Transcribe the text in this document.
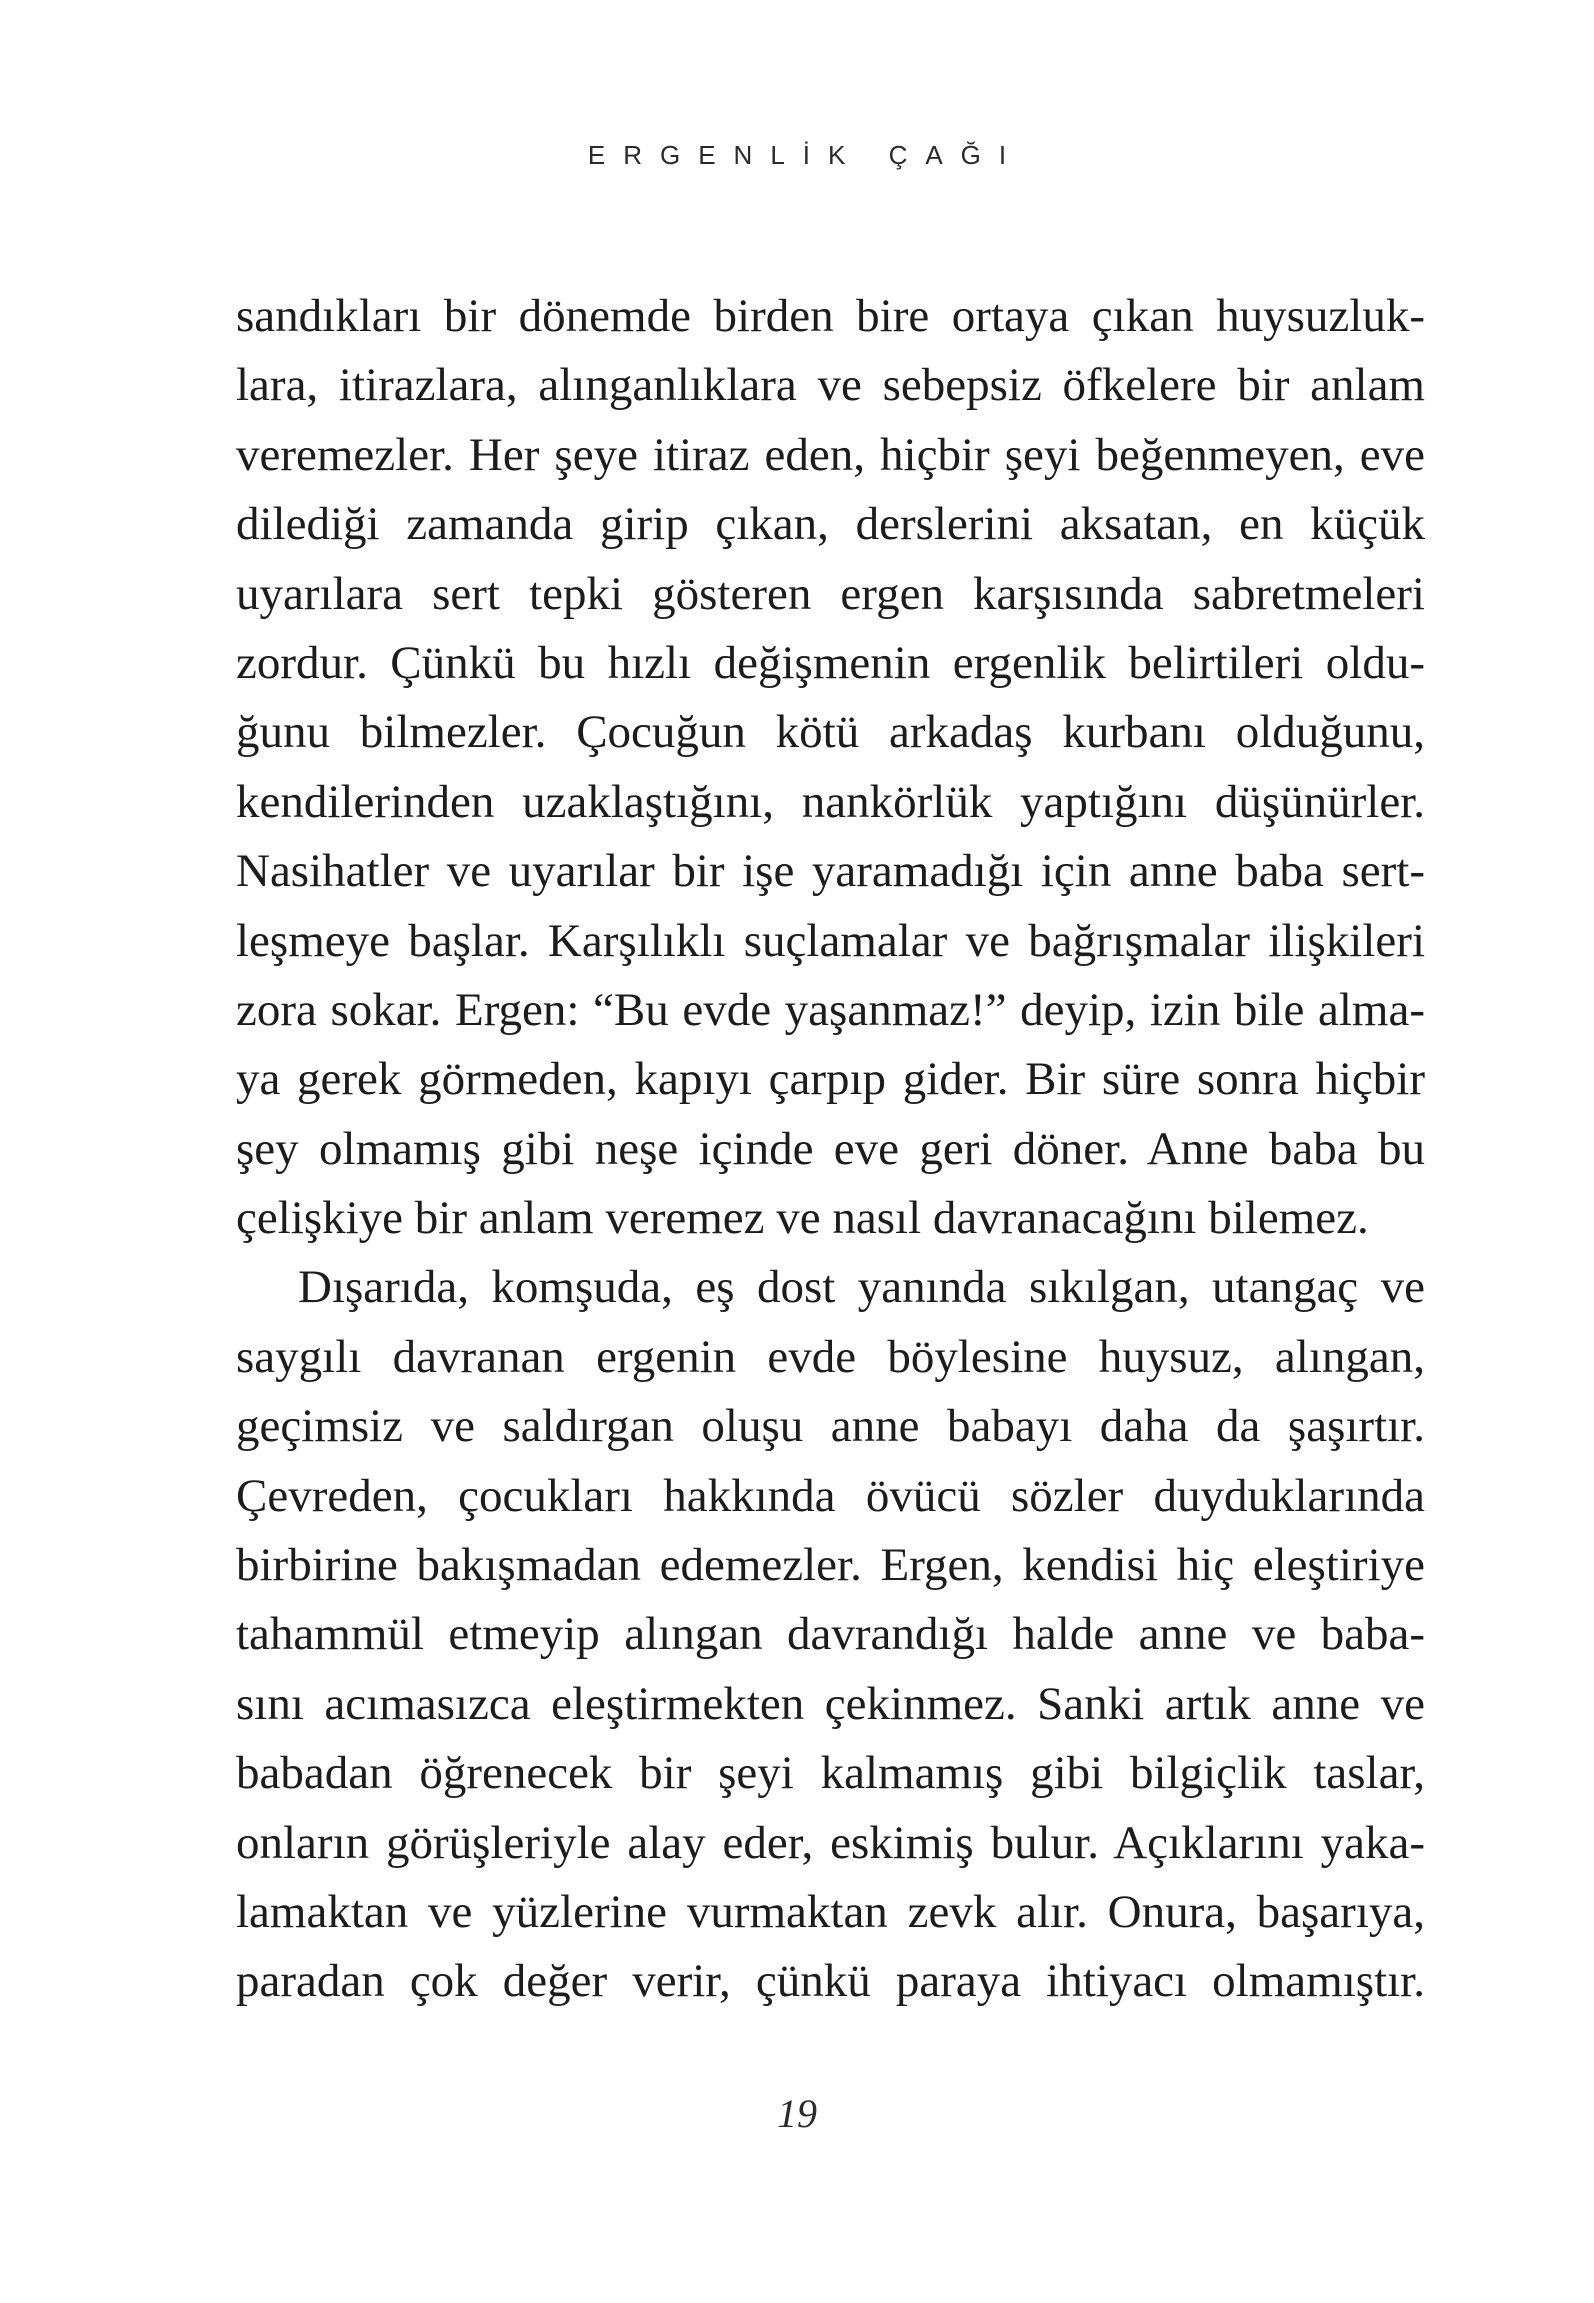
ERGENLİK ÇAĞI
sandıkları bir dönemde birden bire ortaya çıkan huysuzluk-
lara, itirazlara, alınganlıklara ve sebepsiz öfkelere bir anlam
veremezler. Her şeye itiraz eden, hiçbir şeyi beğenmeyen, eve
dilediği zamanda girip çıkan, derslerini aksatan, en küçük
uyarılara sert tepki gösteren ergen karşısında sabretmeleri
zordur. Çünkü bu hızlı değişmenin ergenlik belirtileri oldu-
ğunu bilmezler. Çocuğun kötü arkadaş kurbanı olduğunu,
kendilerinden uzaklaştığını, nankörlük yaptığını düşünürler.
Nasihatler ve uyarılar bir işe yaramadığı için anne baba sert-
leşmeye başlar. Karşılıklı suçlamalar ve bağrışmalar ilişkileri
zora sokar. Ergen: “Bu evde yaşanmaz!” deyip, izin bile alma-
ya gerek görmeden, kapıyı çarpıp gider. Bir süre sonra hiçbir
şey olmamış gibi neşe içinde eve geri döner. Anne baba bu
çelişkiye bir anlam veremez ve nasıl davranacağını bilemez.
Dışarıda, komşuda, eş dost yanında sıkılgan, utangaç ve
saygılı davranan ergenin evde böylesine huysuz, alıngan,
geçimsiz ve saldırgan oluşu anne babayı daha da şaşırtır.
Çevreden, çocukları hakkında övücü sözler duyduklarında
birbirine bakışmadan edemezler. Ergen, kendisi hiç eleştiriye
tahammül etmeyip alıngan davrandığı halde anne ve baba-
sını acımasızca eleştirmekten çekinmez. Sanki artık anne ve
babadan öğrenecek bir şeyi kalmamış gibi bilgiçlik taslar,
onların görüşleriyle alay eder, eskimiş bulur. Açıklarını yaka-
lamaktan ve yüzlerine vurmaktan zevk alır. Onura, başarıya,
paradan çok değer verir, çünkü paraya ihtiyacı olmamıştır.
19
